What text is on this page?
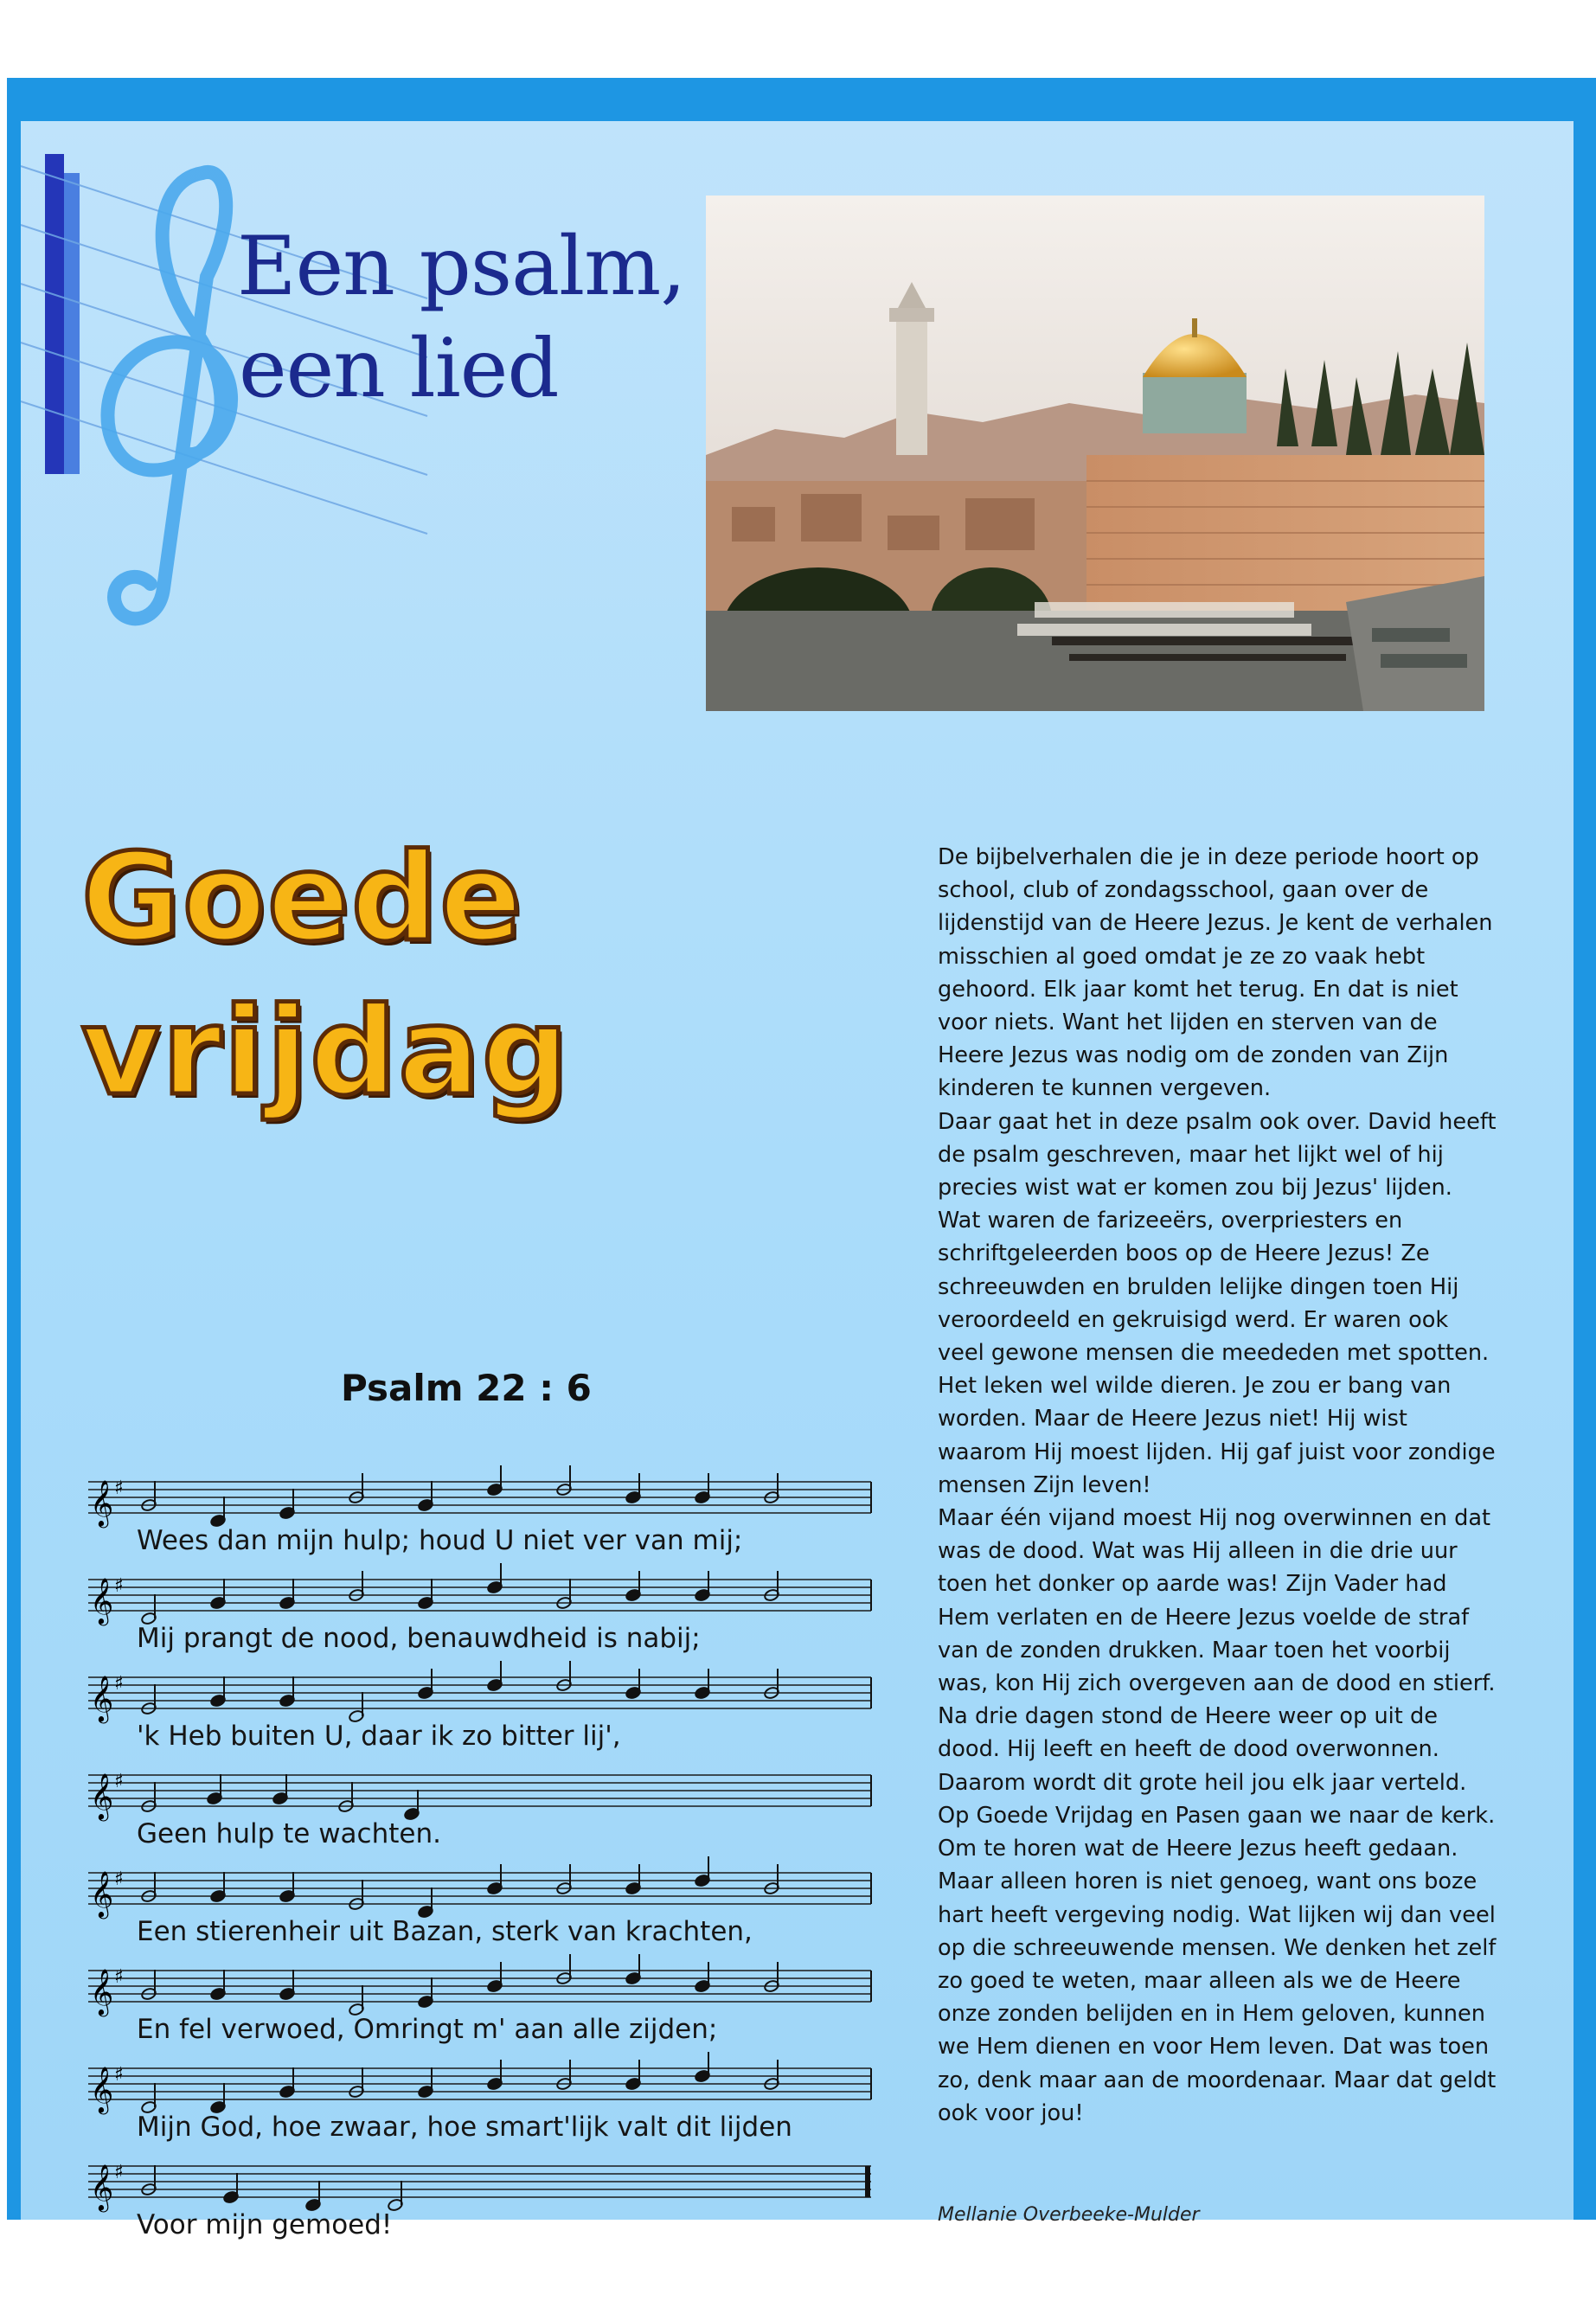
Een psalm,
een lied
Goede
vrijdag
Psalm 22 : 6
𝄞 ♯
Wees dan mijn hulp; houd U niet ver van mij;
𝄞 ♯
Mij prangt de nood, benauwdheid is nabij;
𝄞 ♯
'k Heb buiten U, daar ik zo bitter lij',
𝄞 ♯
Geen hulp te wachten.
𝄞 ♯
Een stierenheir uit Bazan, sterk van krachten,
𝄞 ♯
En fel verwoed, Omringt m' aan alle zijden;
𝄞 ♯
Mijn God, hoe zwaar, hoe smart'lijk valt dit lijden
𝄞 ♯
Voor mijn gemoed!

De bijbelverhalen die je in deze periode hoort op school, club of zondagsschool, gaan over de lijdenstijd van de Heere Jezus. Je kent de verhalen misschien al goed omdat je ze zo vaak hebt gehoord. Elk jaar komt het terug. En dat is niet voor niets. Want het lijden en sterven van de Heere Jezus was nodig om de zonden van Zijn kinderen te kunnen vergeven.

Daar gaat het in deze psalm ook over. David heeft de psalm geschreven, maar het lijkt wel of hij precies wist wat er komen zou bij Jezus' lijden.

Wat waren de farizeeërs, overpriesters en schriftgeleerden boos op de Heere Jezus! Ze schreeuwden en brulden lelijke dingen toen Hij veroordeeld en gekruisigd werd. Er waren ook veel gewone mensen die meededen met spotten. Het leken wel wilde dieren. Je zou er bang van worden. Maar de Heere Jezus niet! Hij wist waarom Hij moest lijden. Hij gaf juist voor zondige mensen Zijn leven!

Maar één vijand moest Hij nog overwinnen en dat was de dood. Wat was Hij alleen in die drie uur toen het donker op aarde was! Zijn Vader had Hem verlaten en de Heere Jezus voelde de straf van de zonden drukken. Maar toen het voorbij was, kon Hij zich overgeven aan de dood en stierf. Na drie dagen stond de Heere weer op uit de dood. Hij leeft en heeft de dood overwonnen. Daarom wordt dit grote heil jou elk jaar verteld. Op Goede Vrijdag en Pasen gaan we naar de kerk. Om te horen wat de Heere Jezus heeft gedaan.

Maar alleen horen is niet genoeg, want ons boze hart heeft vergeving nodig. Wat lijken wij dan veel op die schreeuwende mensen. We denken het zelf zo goed te weten, maar alleen als we de Heere onze zonden belijden en in Hem geloven, kunnen we Hem dienen en voor Hem leven. Dat was toen zo, denk maar aan de moordenaar. Maar dat geldt ook voor jou!

Mellanie Overbeeke-Mulder
